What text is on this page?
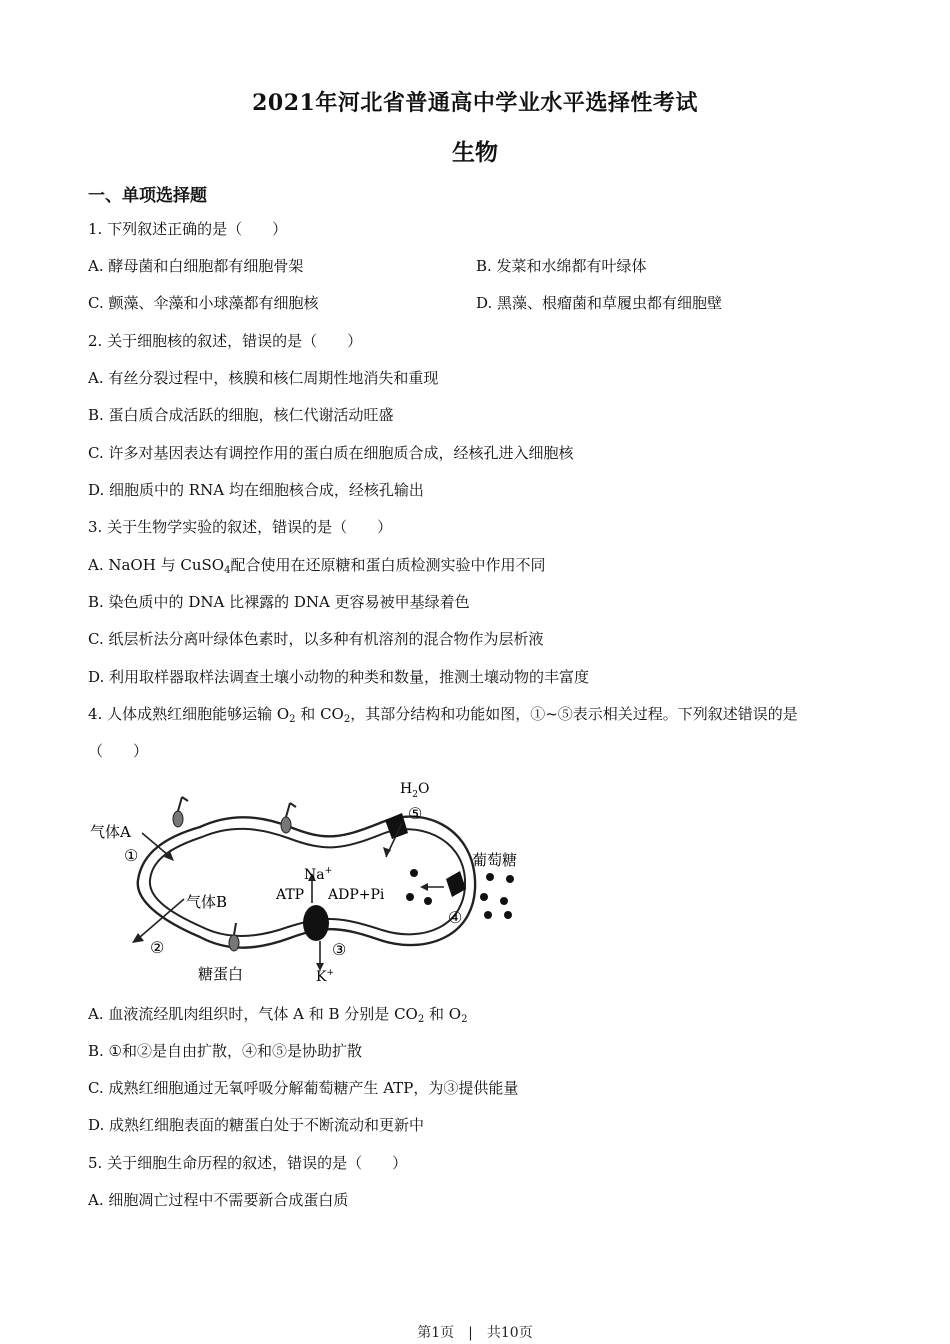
2021年河北省普通高中学业水平选择性考试
生物
一、单项选择题
1. 下列叙述正确的是（　　）
A. 酵母菌和白细胞都有细胞骨架	B. 发菜和水绵都有叶绿体
C. 颤藻、伞藻和小球藻都有细胞核	D. 黑藻、根瘤菌和草履虫都有细胞壁
2. 关于细胞核的叙述，错误的是（　　）
A. 有丝分裂过程中，核膜和核仁周期性地消失和重现
B. 蛋白质合成活跃的细胞，核仁代谢活动旺盛
C. 许多对基因表达有调控作用的蛋白质在细胞质合成，经核孔进入细胞核
D. 细胞质中的 RNA 均在细胞核合成，经核孔输出
3. 关于生物学实验的叙述，错误的是（　　）
A. NaOH 与 CuSO$_4$配合使用在还原糖和蛋白质检测实验中作用不同
B. 染色质中的 DNA 比裸露的 DNA 更容易被甲基绿着色
C. 纸层析法分离叶绿体色素时，以多种有机溶剂的混合物作为层析液
D. 利用取样器取样法调查土壤小动物的种类和数量，推测土壤动物的丰富度
4. 人体成熟红细胞能够运输 $O_2$ 和 $CO_2$，其部分结构和功能如图，①~⑤表示相关过程。下列叙述错误的是
（　　）
$H_2O$
⑤
葡萄糖
④
Na+
K+
ATP ADP+Pi
③
气体A
①
气体B
②
糖蛋白
A. 血液流经肌肉组织时，气体 A 和 B 分别是 $CO_2$ 和 $O_2$
B. ①和②是自由扩散，④和⑤是协助扩散
C. 成熟红细胞通过无氧呼吸分解葡萄糖产生 ATP，为③提供能量
D. 成熟红细胞表面的糖蛋白处于不断流动和更新中
5. 关于细胞生命历程的叙述，错误的是（　　）
A. 细胞凋亡过程中不需要新合成蛋白质
第1页　|　共10页
